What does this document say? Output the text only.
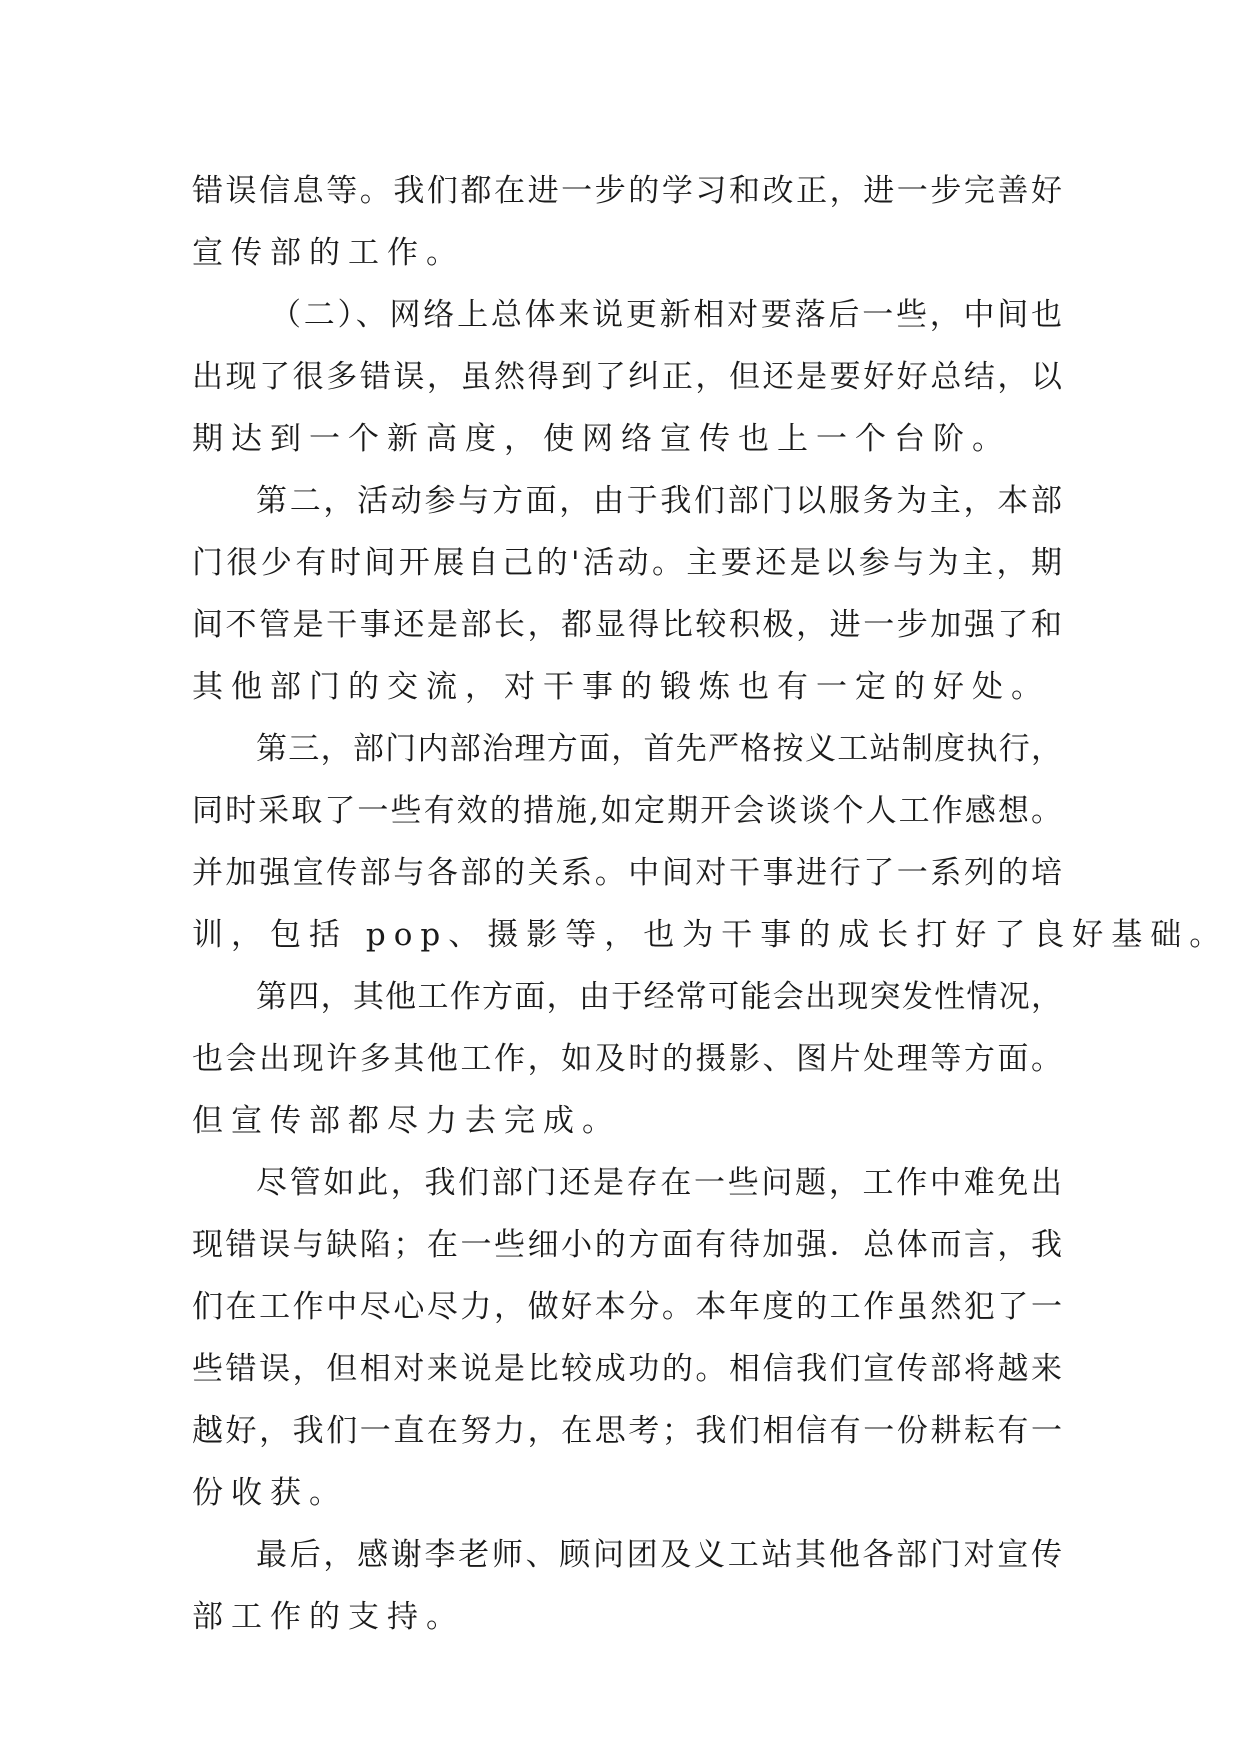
错误信息等。我们都在进一步的学习和改正，进一步完善好
宣传部的工作。
（二）、网络上总体来说更新相对要落后一些，中间也
出现了很多错误，虽然得到了纠正，但还是要好好总结，以
期达到一个新高度，使网络宣传也上一个台阶。
第二，活动参与方面，由于我们部门以服务为主，本部
门很少有时间开展自己的'活动。主要还是以参与为主，期
间不管是干事还是部长，都显得比较积极，进一步加强了和
其他部门的交流，对干事的锻炼也有一定的好处。
第三，部门内部治理方面，首先严格按义工站制度执行，
同时采取了一些有效的措施,如定期开会谈谈个人工作感想。
并加强宣传部与各部的关系。中间对干事进行了一系列的培
训，包括 pop、摄影等，也为干事的成长打好了良好基础。
第四，其他工作方面，由于经常可能会出现突发性情况，
也会出现许多其他工作，如及时的摄影、图片处理等方面。
但宣传部都尽力去完成。
尽管如此，我们部门还是存在一些问题，工作中难免出
现错误与缺陷；在一些细小的方面有待加强．总体而言，我
们在工作中尽心尽力，做好本分。本年度的工作虽然犯了一
些错误，但相对来说是比较成功的。相信我们宣传部将越来
越好，我们一直在努力，在思考；我们相信有一份耕耘有一
份收获。
最后，感谢李老师、顾问团及义工站其他各部门对宣传
部工作的支持。
